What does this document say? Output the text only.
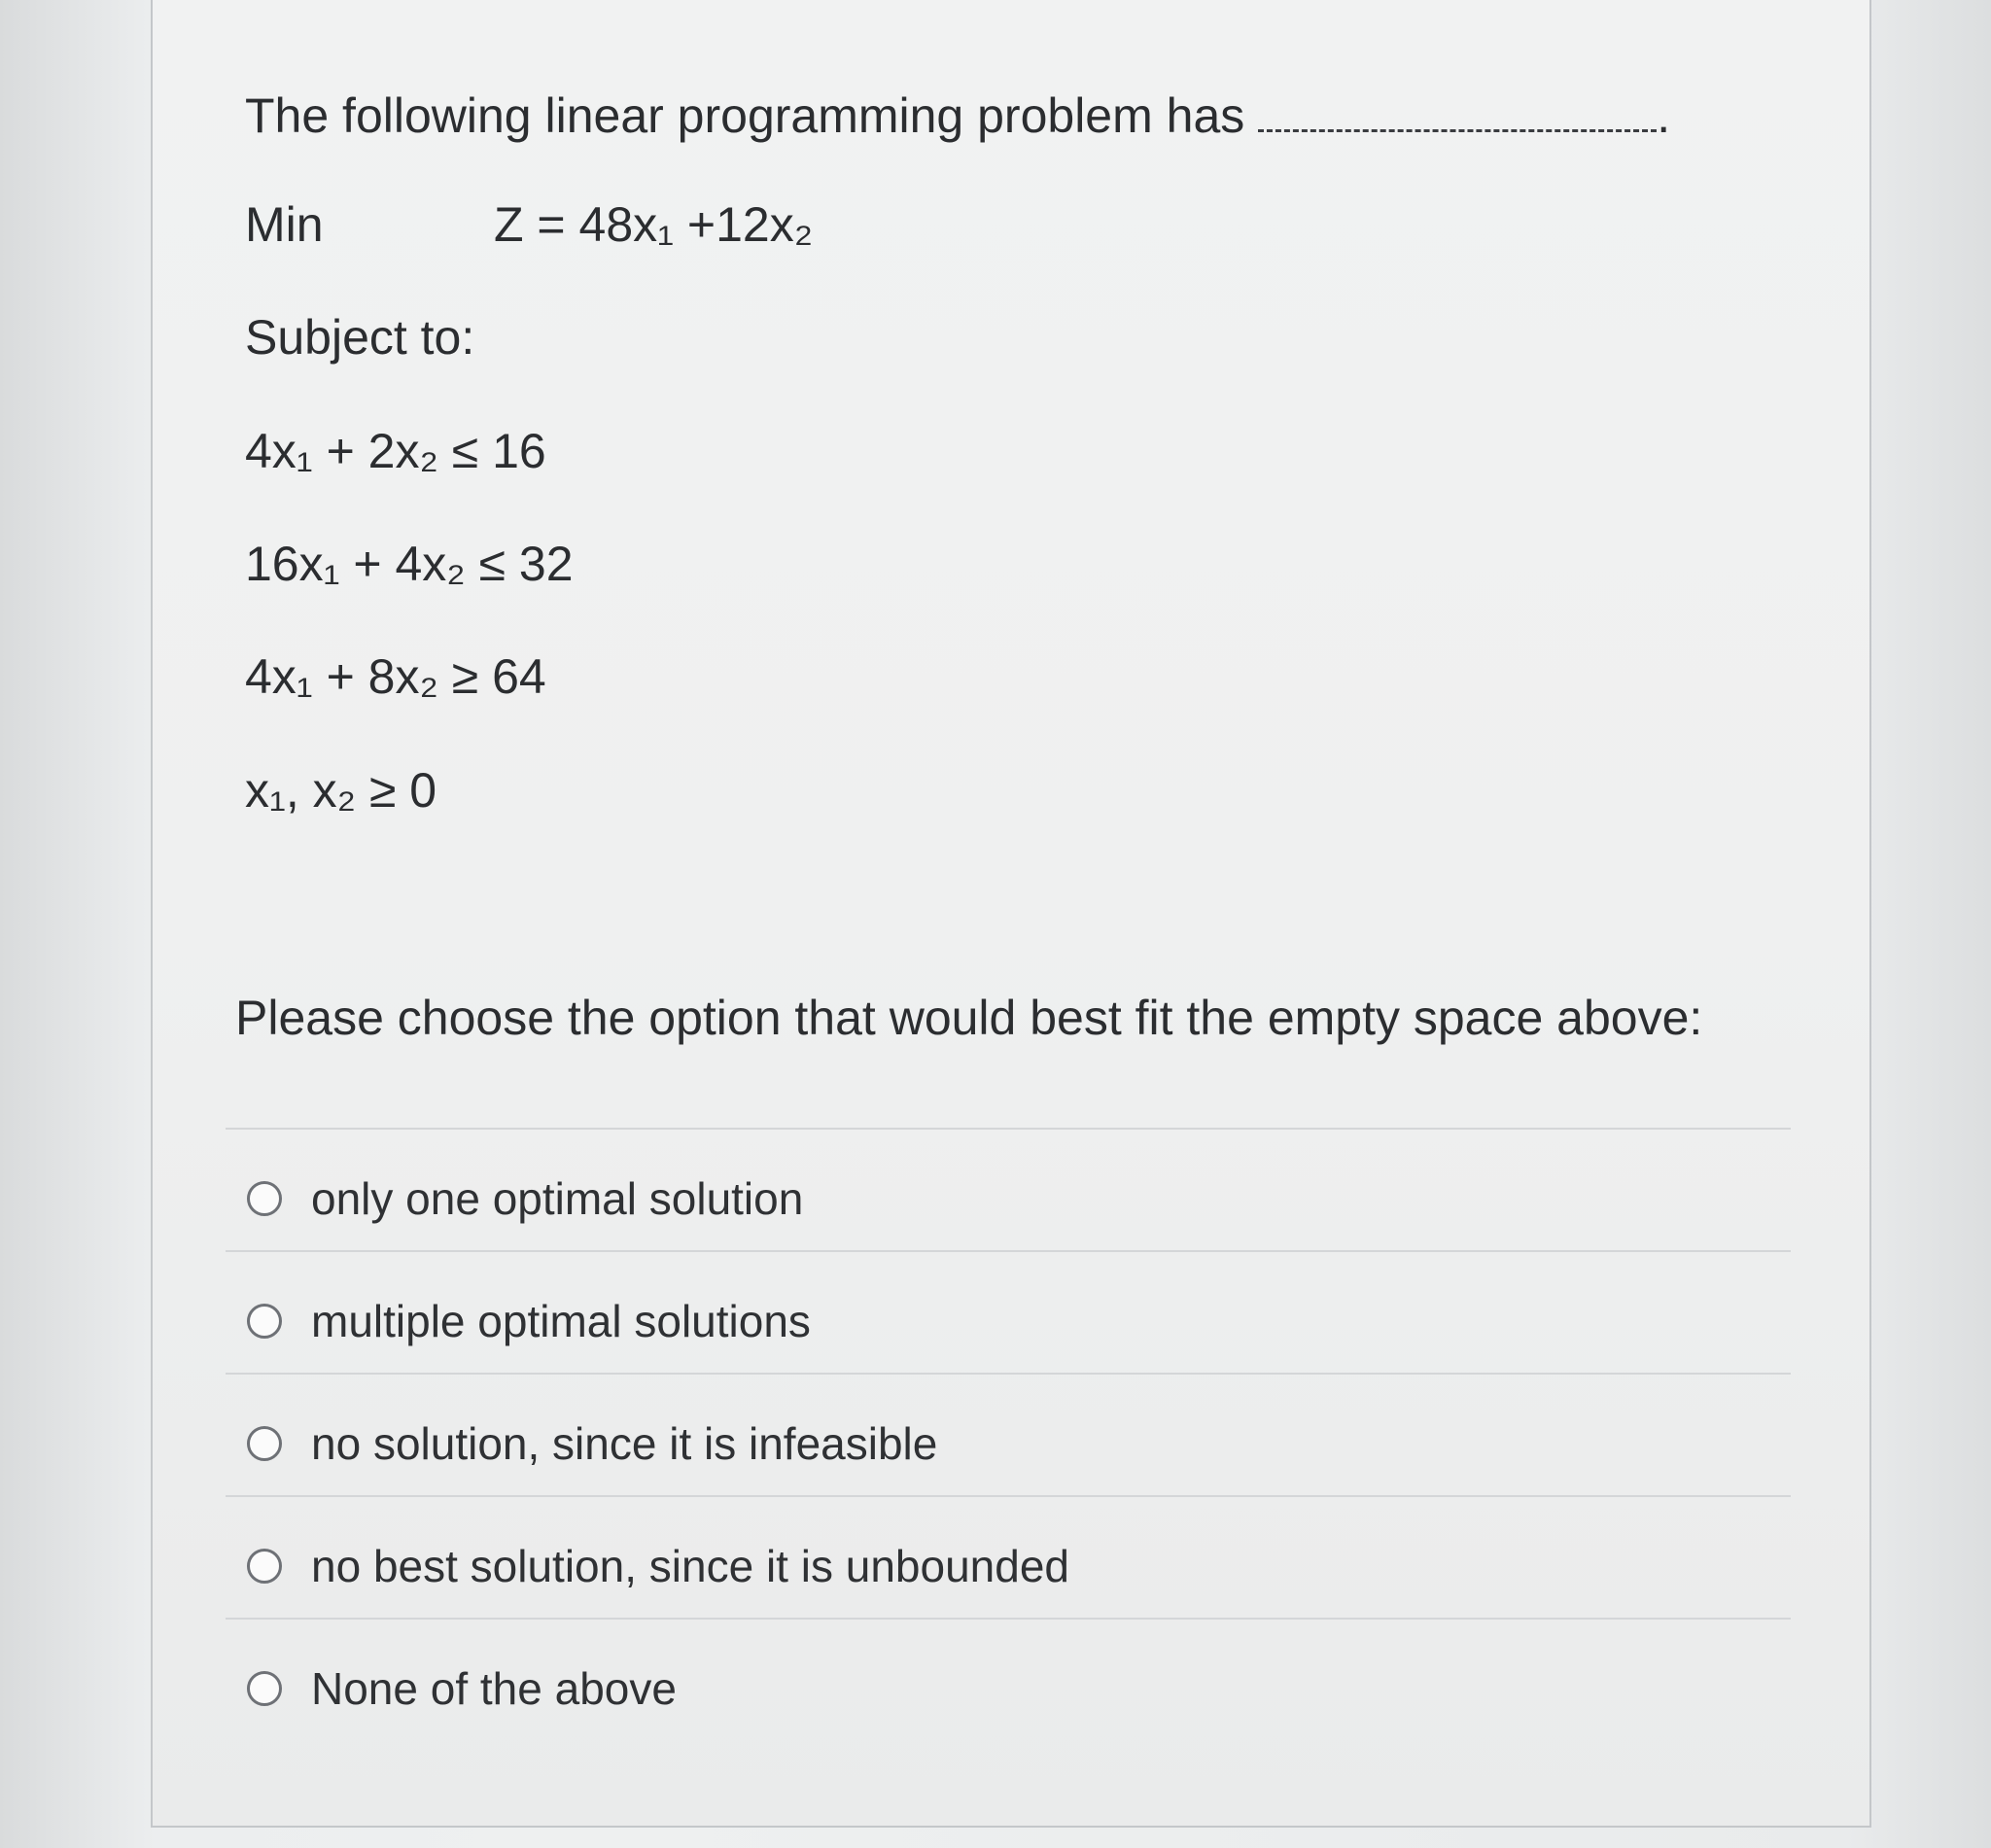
The following linear programming problem has	.
Min	Z = 48x₁ +12x₂
Subject to:
4x₁ + 2x₂ ≤ 16
16x₁ + 4x₂ ≤ 32
4x₁ + 8x₂ ≥ 64
x₁, x₂ ≥ 0
Please choose the option that would best fit the empty space above:
only one optimal solution
multiple optimal solutions
no solution, since it is infeasible
no best solution, since it is unbounded
None of the above
